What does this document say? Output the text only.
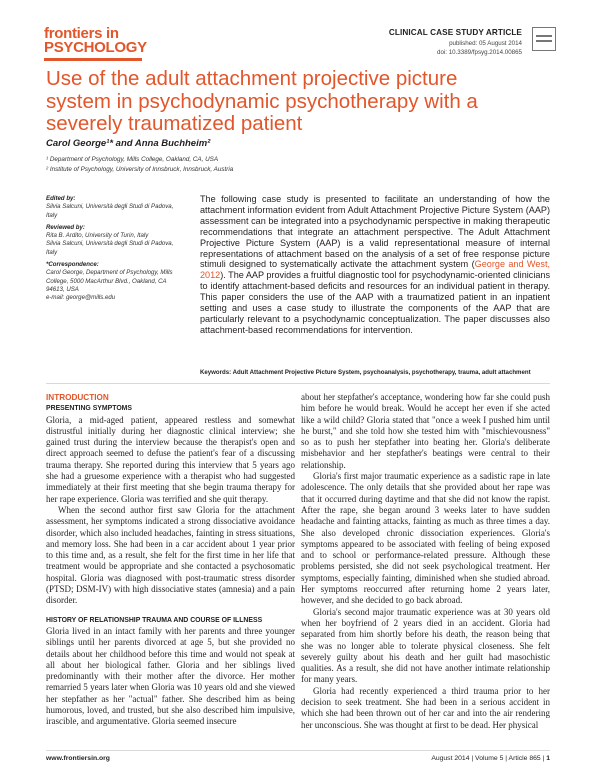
frontiers in
PSYCHOLOGY
CLINICAL CASE STUDY ARTICLE
published: 05 August 2014
doi: 10.3389/fpsyg.2014.00865
Use of the adult attachment projective picture system in psychodynamic psychotherapy with a severely traumatized patient
Carol George¹* and Anna Buchheim²
¹ Department of Psychology, Mills College, Oakland, CA, USA
² Institute of Psychology, University of Innsbruck, Innsbruck, Austria
Edited by:
Silvia Salcuni, Università degli Studi di Padova, Italy
Reviewed by:
Rita B. Ardito, University of Turin, Italy
Silvia Salcuni, Università degli Studi di Padova, Italy
*Correspondence:
Carol George, Department of Psychology, Mills College, 5000 MacArthur Blvd., Oakland, CA 94613, USA
e-mail: george@mills.edu
The following case study is presented to facilitate an understanding of how the attachment information evident from Adult Attachment Projective Picture System (AAP) assessment can be integrated into a psychodynamic perspective in making therapeutic recommendations that integrate an attachment perspective. The Adult Attachment Projective Picture System (AAP) is a valid representational measure of internal representations of attachment based on the analysis of a set of free response picture stimuli designed to systematically activate the attachment system (George and West, 2012). The AAP provides a fruitful diagnostic tool for psychodynamic-oriented clinicians to identify attachment-based deficits and resources for an individual patient in therapy. This paper considers the use of the AAP with a traumatized patient in an inpatient setting and uses a case study to illustrate the components of the AAP that are particularly relevant to a psychodynamic conceptualization. The paper discusses also attachment-based recommendations for intervention.
Keywords: Adult Attachment Projective Picture System, psychoanalysis, psychotherapy, trauma, adult attachment
INTRODUCTION
PRESENTING SYMPTOMS

Gloria, a mid-aged patient, appeared restless and somewhat distrustful initially during her diagnostic clinical interview; she gained trust during the interview because the therapist's open and direct approach seemed to defuse the patient's fear of a discussing trauma therapy. She reported during this interview that 5 years ago she had a gruesome experience with a therapist who had suggested immediately at their first meeting that she begin trauma therapy for her rape experience. Gloria was terrified and she quit therapy.

When the second author first saw Gloria for the attachment assessment, her symptoms indicated a strong dissociative avoidance disorder, which also included headaches, fainting in stress situations, and memory loss. She had been in a car accident about 1 year prior to this time and, as a result, she felt for the first time in her life that treatment would be appropriate and she contacted a psychosomatic hospital. Gloria was diagnosed with post-traumatic stress disorder (PTSD; DSM-IV) with high dissociative states (amnesia) and a pain disorder.

HISTORY OF RELATIONSHIP TRAUMA AND COURSE OF ILLNESS

Gloria lived in an intact family with her parents and three younger siblings until her parents divorced at age 5, but she provided no details about her childhood before this time and would not speak at all about her biological father. Gloria and her siblings lived predominantly with their mother after the divorce. Her mother remarried 5 years later when Gloria was 10 years old and she viewed her stepfather as her "actual" father. She described him as being humorous, loved, and trusted, but she also described him impulsive, irascible, and argumentative. Gloria seemed insecure

about her stepfather's acceptance, wondering how far she could push him before he would break. Would he accept her even if she acted like a wild child? Gloria stated that "once a week I pushed him until he burst," and she told how she tested him with "mischievousness" so as to push her stepfather into beating her. Gloria's deliberate misbehavior and her stepfather's beatings were central to their relationship.

Gloria's first major traumatic experience as a sadistic rape in late adolescence. The only details that she provided about her rape was that it occurred during daytime and that she did not know the rapist. After the rape, she began around 3 weeks later to have sudden headache and fainting attacks, fainting as much as three times a day. She also developed chronic dissociation experiences. Gloria's symptoms appeared to be associated with feeling of being exposed and to school or performance-related pressure. Although these problems persisted, she did not seek psychological treatment. Her symptoms, especially fainting, diminished when she studied abroad. Her symptoms reoccurred after returning home 2 years later, however, and she decided to go back abroad.

Gloria's second major traumatic experience was at 30 years old when her boyfriend of 2 years died in an accident. Gloria had separated from him shortly before his death, the reason being that she was no longer able to tolerate physical closeness. She felt severely guilty about his death and her guilt had masochistic qualities. As a result, she did not have another intimate relationship for many years.

Gloria had recently experienced a third trauma prior to her decision to seek treatment. She had been in a serious accident in which she had been thrown out of her car and into the air rendering her unconscious. She was thought at first to be dead. Her physical

www.frontiersin.org	August 2014 | Volume 5 | Article 865 | 1
